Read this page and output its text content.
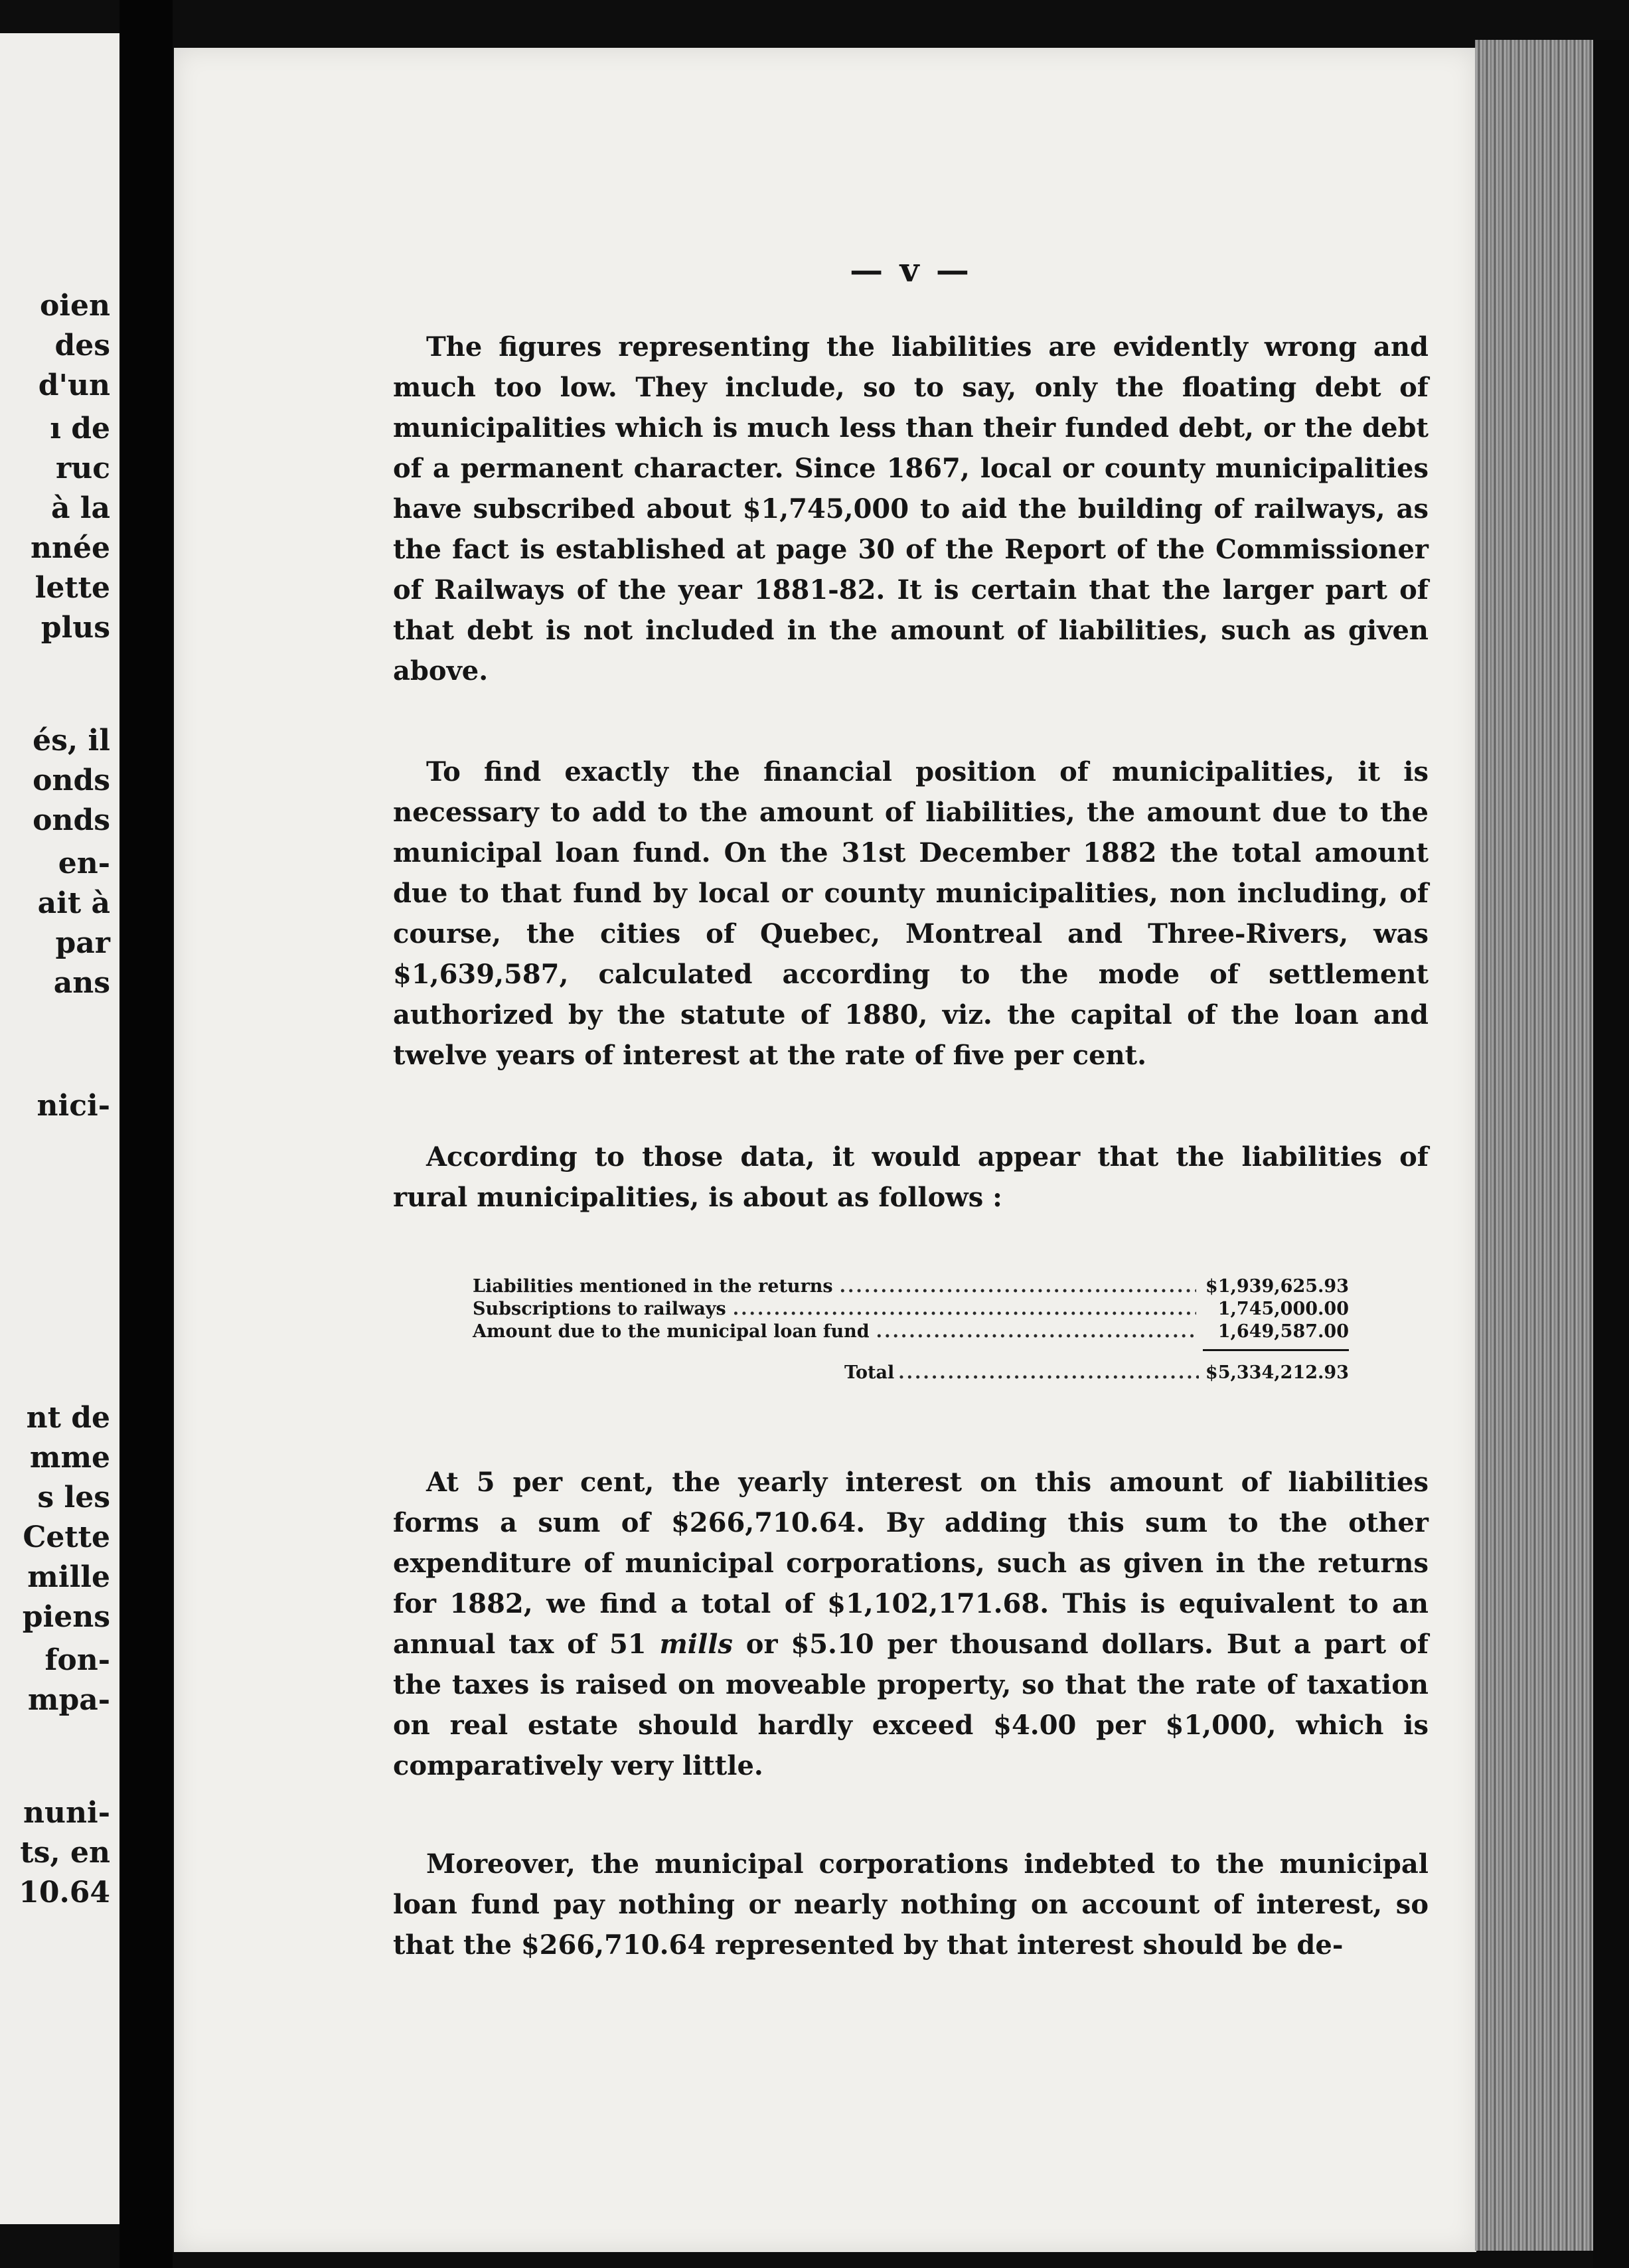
oien
des
d'un
ı de
ruc
à la
nnée
lette
plus
és, il
onds
onds
en-
ait à
par
ans
nici-
nt de
mme
s les
Cette
mille
piens
fon-
mpa-
nuni-
ts, en
10.64
— v —

The figures representing the liabilities are evidently wrong and much too low. They include, so to say, only the floating debt of municipalities which is much less than their funded debt, or the debt of a permanent character. Since 1867, local or county municipalities have subscribed about $1,745,000 to aid the building of railways, as the fact is established at page 30 of the Report of the Commissioner of Railways of the year 1881-82. It is certain that the larger part of that debt is not included in the amount of liabilities, such as given above.

To find exactly the financial position of municipalities, it is necessary to add to the amount of liabilities, the amount due to the municipal loan fund. On the 31st December 1882 the total amount due to that fund by local or county municipalities, non including, of course, the cities of Quebec, Montreal and Three-Rivers, was $1,639,587, calculated according to the mode of settlement authorized by the statute of 1880, viz. the capital of the loan and twelve years of interest at the rate of five per cent.

According to those data, it would appear that the liabilities of rural municipalities, is about as follows :

Liabilities mentioned in the returns .....	$1,939,625.93
Subscriptions to railways .....	1,745,000.00
Amount due to the municipal loan fund .....	1,649,587.00
Total .....	$5,334,212.93

At 5 per cent, the yearly interest on this amount of liabilities forms a sum of $266,710.64. By adding this sum to the other expenditure of municipal corporations, such as given in the returns for 1882, we find a total of $1,102,171.68. This is equivalent to an annual tax of 51 mills or $5.10 per thousand dollars. But a part of the taxes is raised on moveable property, so that the rate of taxation on real estate should hardly exceed $4.00 per $1,000, which is comparatively very little.

Moreover, the municipal corporations indebted to the municipal loan fund pay nothing or nearly nothing on account of interest, so that the $266,710.64 represented by that interest should be de-
